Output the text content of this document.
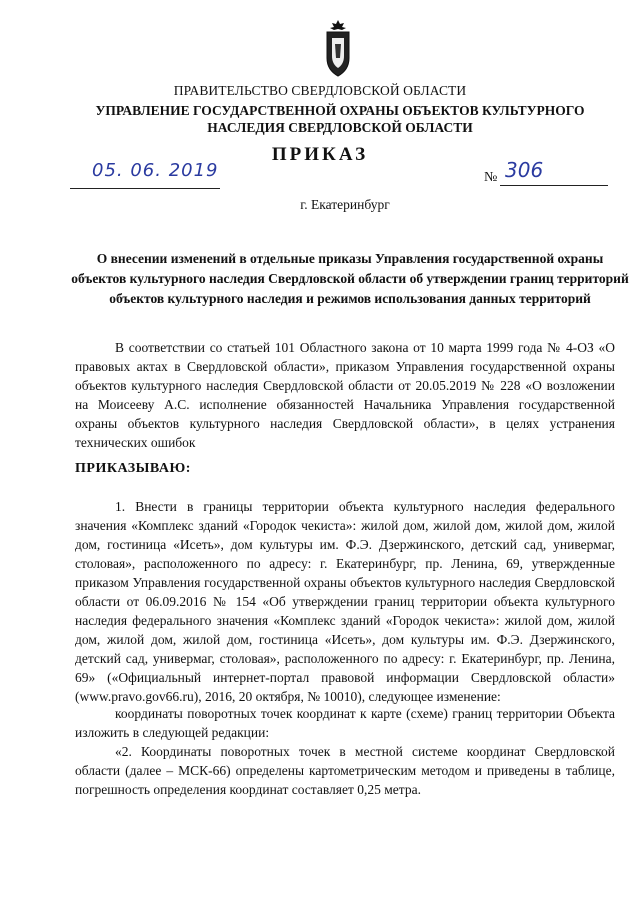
ПРАВИТЕЛЬСТВО СВЕРДЛОВСКОЙ ОБЛАСТИ
УПРАВЛЕНИЕ ГОСУДАРСТВЕННОЙ ОХРАНЫ ОБЪЕКТОВ КУЛЬТУРНОГО НАСЛЕДИЯ СВЕРДЛОВСКОЙ ОБЛАСТИ
ПРИКАЗ
05. 06. 2019	№ 306
г. Екатеринбург
О внесении изменений в отдельные приказы Управления государственной охраны объектов культурного наследия Свердловской области об утверждении границ территорий объектов культурного наследия и режимов использования данных территорий
В соответствии со статьей 101 Областного закона от 10 марта 1999 года № 4-ОЗ «О правовых актах в Свердловской области», приказом Управления государственной охраны объектов культурного наследия Свердловской области от 20.05.2019 № 228 «О возложении на Моисееву А.С. исполнение обязанностей Начальника Управления государственной охраны объектов культурного наследия Свердловской области», в целях устранения технических ошибок
ПРИКАЗЫВАЮ:
1. Внести в границы территории объекта культурного наследия федерального значения «Комплекс зданий «Городок чекиста»: жилой дом, жилой дом, жилой дом, жилой дом, гостиница «Исеть», дом культуры им. Ф.Э. Дзержинского, детский сад, универмаг, столовая», расположенного по адресу: г. Екатеринбург, пр. Ленина, 69, утвержденные приказом Управления государственной охраны объектов культурного наследия Свердловской области от 06.09.2016 № 154 «Об утверждении границ территории объекта культурного наследия федерального значения «Комплекс зданий «Городок чекиста»: жилой дом, жилой дом, жилой дом, жилой дом, гостиница «Исеть», дом культуры им. Ф.Э. Дзержинского, детский сад, универмаг, столовая», расположенного по адресу: г. Екатеринбург, пр. Ленина, 69» («Официальный интернет-портал правовой информации Свердловской области» (www.pravo.gov66.ru), 2016, 20 октября, № 10010), следующее изменение:
координаты поворотных точек координат к карте (схеме) границ территории Объекта изложить в следующей редакции:
«2. Координаты поворотных точек в местной системе координат Свердловской области (далее – МСК-66) определены картометрическим методом и приведены в таблице, погрешность определения координат составляет 0,25 метра.
